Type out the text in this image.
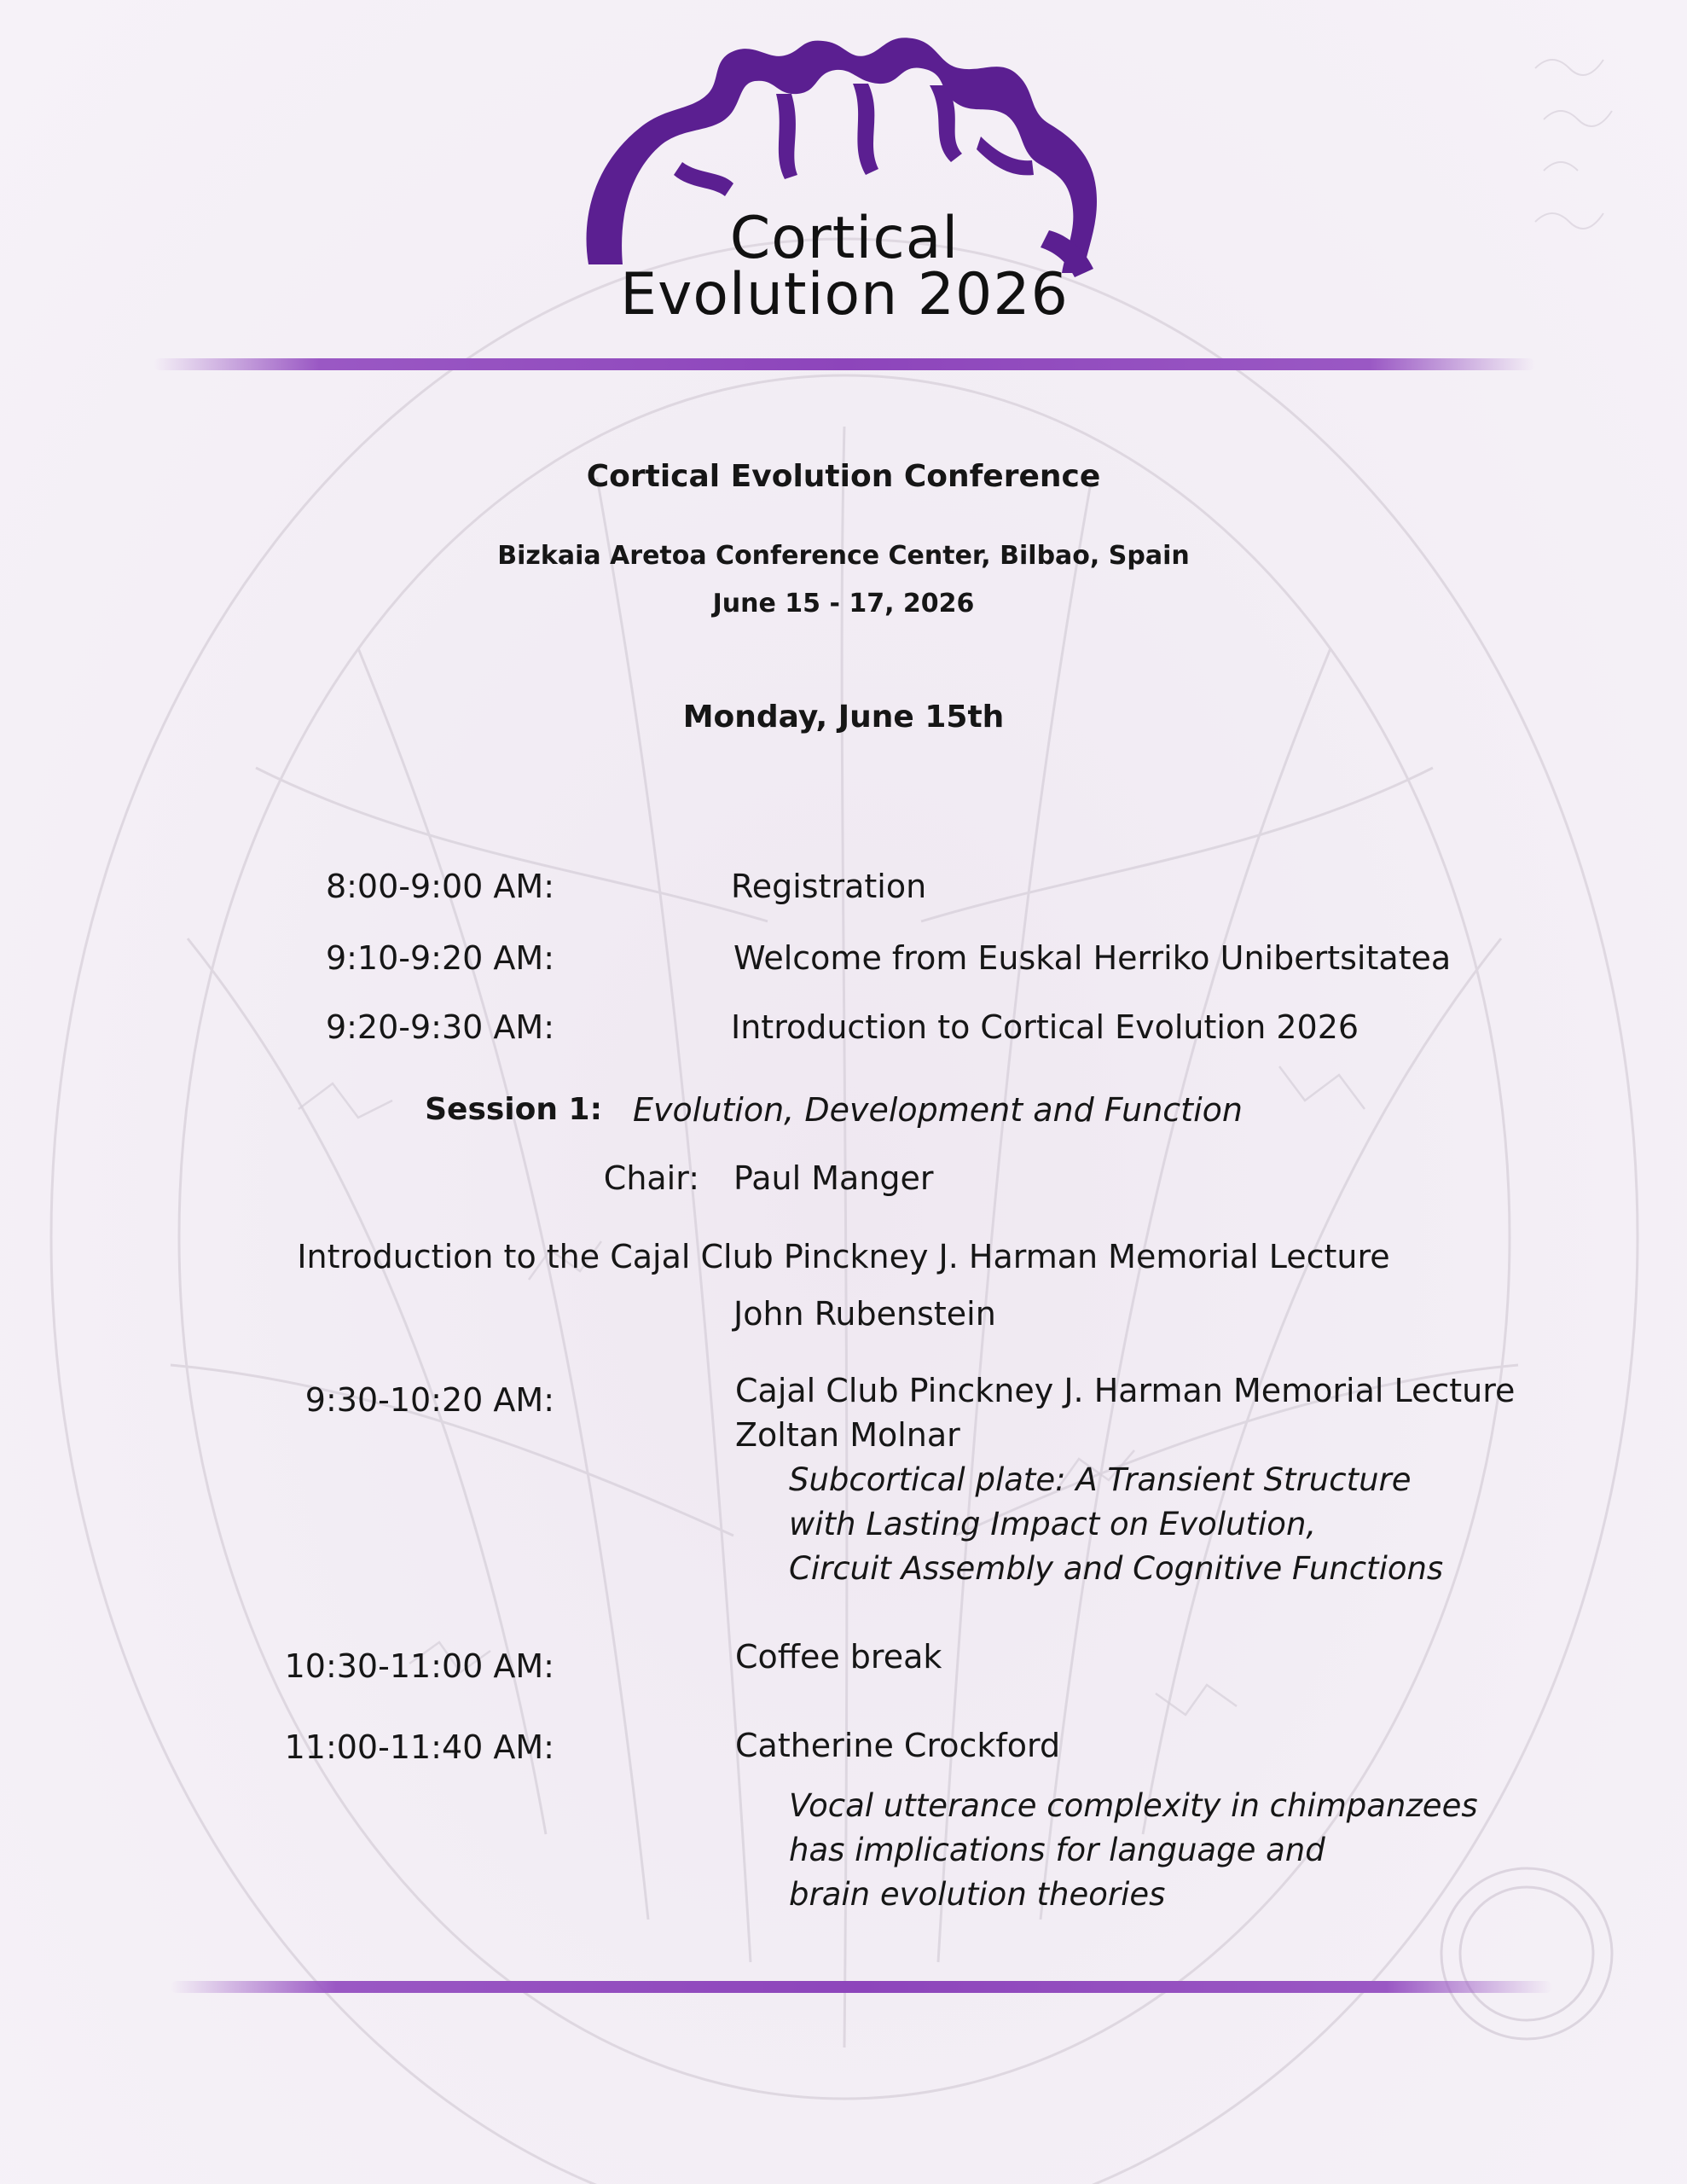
Cortical
Evolution 2026
Cortical Evolution Conference
Bizkaia Aretoa Conference Center, Bilbao, Spain
June 15 - 17, 2026
Monday, June 15th
8:00-9:00 AM:	Registration
9:10-9:20 AM:	Welcome from Euskal Herriko Unibertsitatea
9:20-9:30 AM:	Introduction to Cortical Evolution 2026
Session 1: Evolution, Development and Function
Chair: Paul Manger
Introduction to the Cajal Club Pinckney J. Harman Memorial Lecture
John Rubenstein
9:30-10:20 AM:	Cajal Club Pinckney J. Harman Memorial Lecture
Zoltan Molnar
Subcortical plate: A Transient Structure
with Lasting Impact on Evolution,
Circuit Assembly and Cognitive Functions
10:30-11:00 AM:	Coffee break
11:00-11:40 AM:	Catherine Crockford
Vocal utterance complexity in chimpanzees
has implications for language and
brain evolution theories
